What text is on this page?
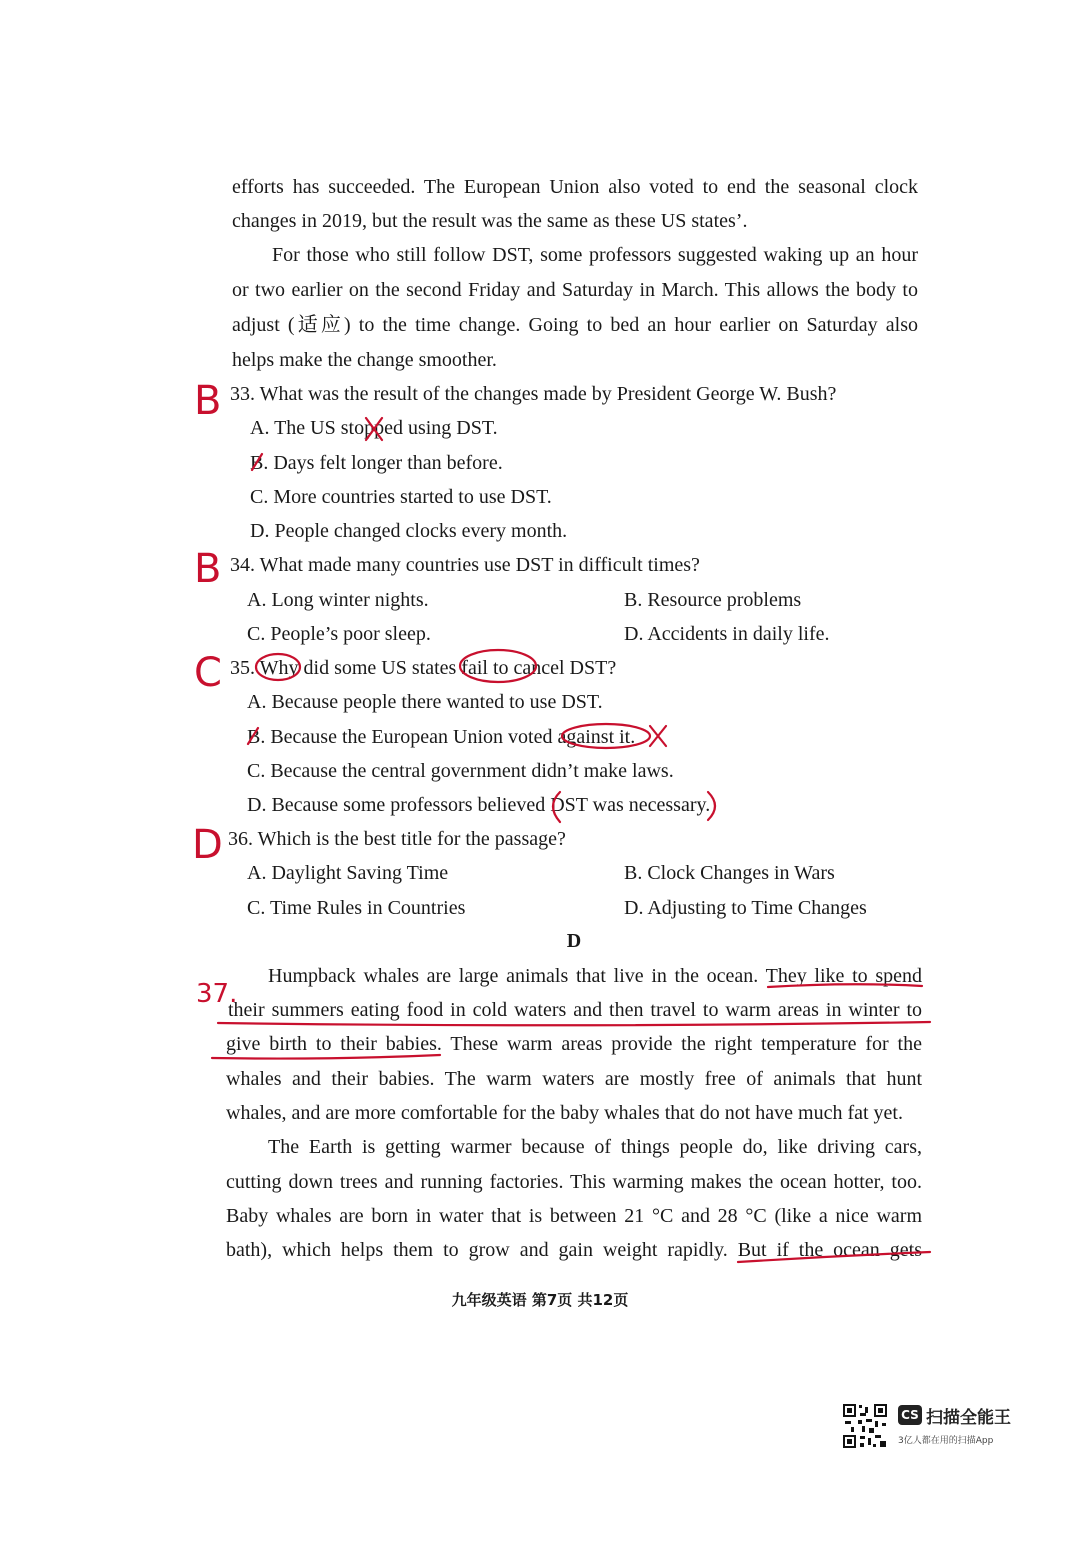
efforts has succeeded. The European Union also voted to end the seasonal clock
changes in 2019, but the result was the same as these US states’.
For those who still follow DST, some professors suggested waking up an hour
or two earlier on the second Friday and Saturday in March. This allows the body to
adjust (适应) to the time change. Going to bed an hour earlier on Saturday also
helps make the change smoother.
33. What was the result of the changes made by President George W. Bush?
A. The US stopped using DST.
B. Days felt longer than before.
C. More countries started to use DST.
D. People changed clocks every month.
34. What made many countries use DST in difficult times?
A. Long winter nights.	B. Resource problems
C. People’s poor sleep.	D. Accidents in daily life.
35. Why did some US states fail to cancel DST?
A. Because people there wanted to use DST.
B. Because the European Union voted against it.
C. Because the central government didn’t make laws.
D. Because some professors believed DST was necessary.
36. Which is the best title for the passage?
A. Daylight Saving Time	B. Clock Changes in Wars
C. Time Rules in Countries	D. Adjusting to Time Changes
D
Humpback whales are large animals that live in the ocean. They like to spend
their summers eating food in cold waters and then travel to warm areas in winter to
give birth to their babies. These warm areas provide the right temperature for the
whales and their babies. The warm waters are mostly free of animals that hunt
whales, and are more comfortable for the baby whales that do not have much fat yet.
The Earth is getting warmer because of things people do, like driving cars,
cutting down trees and running factories. This warming makes the ocean hotter, too.
Baby whales are born in water that is between 21 °C and 28 °C (like a nice warm
bath), which helps them to grow and gain weight rapidly. But if the ocean gets
九年级英语 第7页 共12页
B
B
C
D
37.
CS 扫描全能王
3亿人都在用的扫描App
